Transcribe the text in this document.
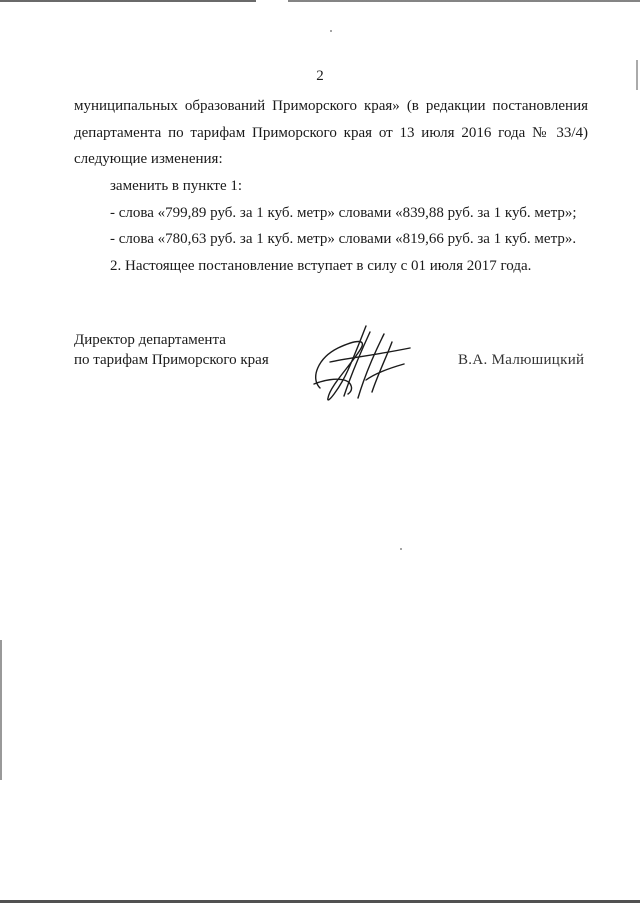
2
муниципальных образований Приморского края» (в редакции постановления
департамента по тарифам Приморского края от 13 июля 2016 года № 33/4)
следующие изменения:
заменить в пункте 1:
- слова «799,89 руб. за 1 куб. метр» словами «839,88 руб. за 1 куб. метр»;
- слова «780,63 руб. за 1 куб. метр» словами «819,66 руб. за 1 куб. метр».
2. Настоящее постановление вступает в силу с 01 июля 2017 года.
Директор департамента
по тарифам Приморского края	В.А. Малюшицкий
